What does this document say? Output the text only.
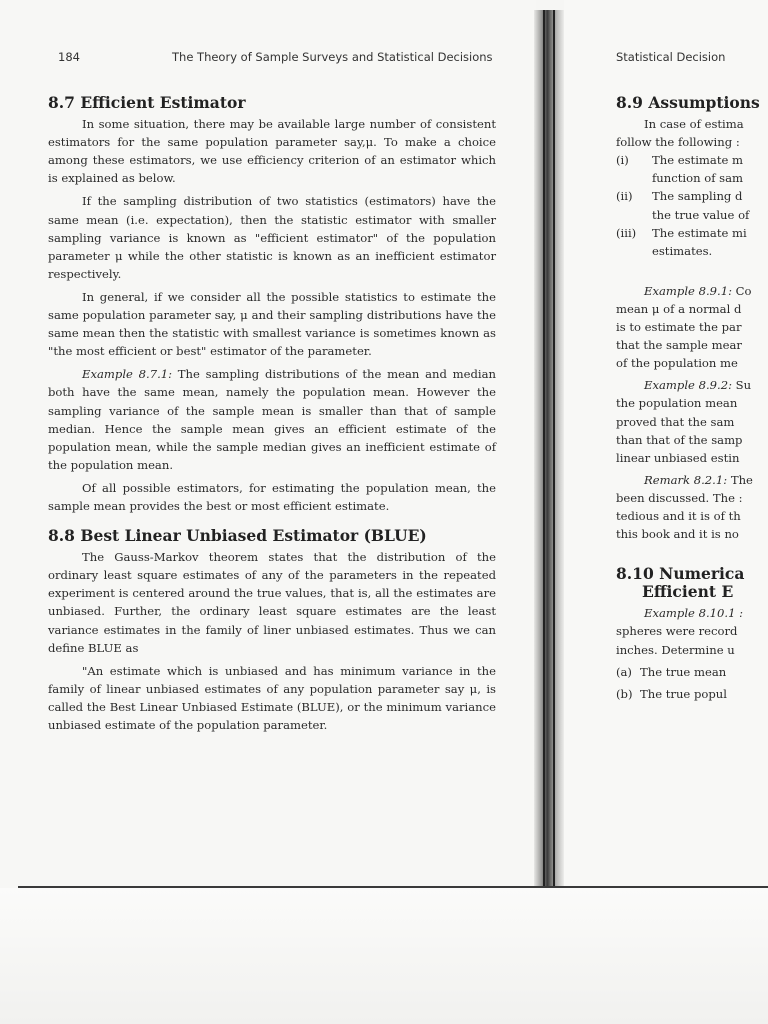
184	The Theory of Sample Surveys and Statistical Decisions
8.7 Efficient Estimator

In some situation, there may be available large number of consistent estimators for the same population parameter say,μ. To make a choice among these estimators, we use efficiency criterion of an estimator which is explained as below.

If the sampling distribution of two statistics (estimators) have the same mean (i.e. expectation), then the statistic estimator with smaller sampling variance is known as "efficient estimator" of the population parameter μ while the other statistic is known as an inefficient estimator respectively.

In general, if we consider all the possible statistics to estimate the same population parameter say, μ and their sampling distributions have the same mean then the statistic with smallest variance is sometimes known as "the most efficient or best" estimator of the parameter.

Example 8.7.1: The sampling distributions of the mean and median both have the same mean, namely the population mean. However the sampling variance of the sample mean is smaller than that of sample median. Hence the sample mean gives an efficient estimate of the population mean, while the sample median gives an inefficient estimate of the population mean.

Of all possible estimators, for estimating the population mean, the sample mean provides the best or most efficient estimate.

8.8 Best Linear Unbiased Estimator (BLUE)

The Gauss-Markov theorem states that the distribution of the ordinary least square estimates of any of the parameters in the repeated experiment is centered around the true values, that is, all the estimates are unbiased. Further, the ordinary least square estimates are the least variance estimates in the family of liner unbiased estimates. Thus we can define BLUE as

"An estimate which is unbiased and has minimum variance in the family of linear unbiased estimates of any population parameter say μ, is called the Best Linear Unbiased Estimate (BLUE), or the minimum variance unbiased estimate of the population parameter.

Statistical Decision
8.9 Assumptions
In case of estima
follow the following :
(i)	The estimate m
function of sam
(ii)	The sampling d
the true value of
(iii)	The estimate mi
estimates.
Example 8.9.1: Co
mean μ of a normal d
is to estimate the par
that the sample mear
of the population me
Example 8.9.2: Su
the population mean
proved that the sam
than that of the samp
linear unbiased estin
Remark 8.2.1: The
been discussed. The :
tedious and it is of th
this book and it is no
8.10 Numerica
Efficient E
Example 8.10.1 :
spheres were record
inches. Determine u
(a) The true mean
(b) The true popul
